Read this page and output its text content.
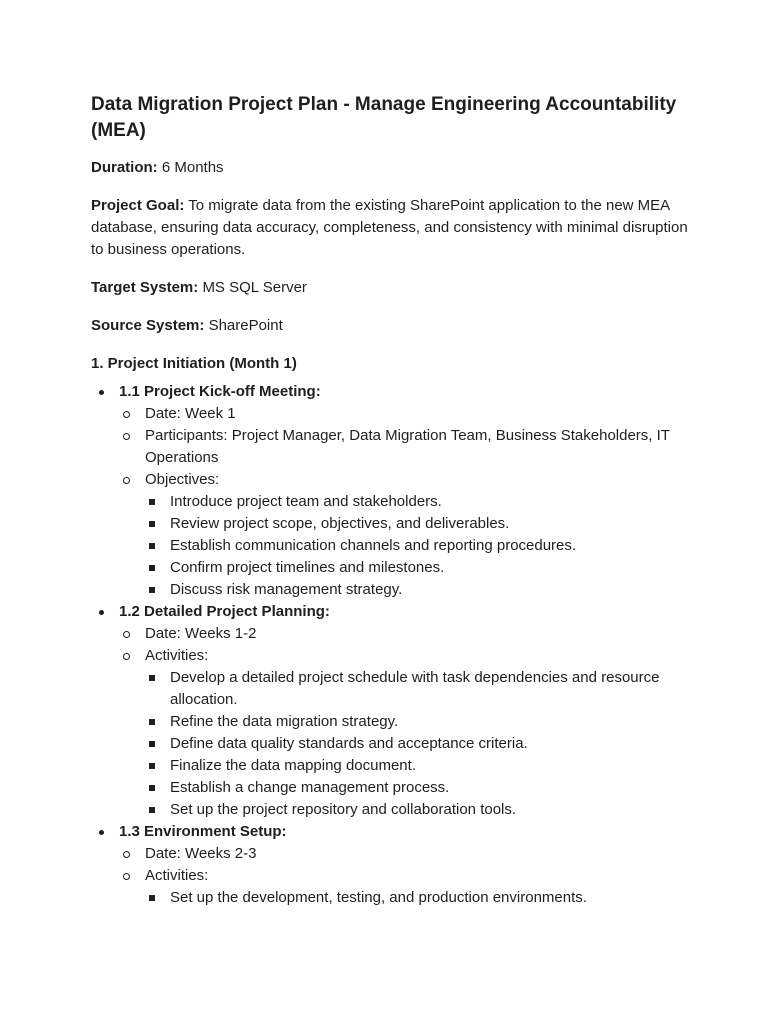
Data Migration Project Plan - Manage Engineering Accountability (MEA)
Duration: 6 Months
Project Goal: To migrate data from the existing SharePoint application to the new MEA database, ensuring data accuracy, completeness, and consistency with minimal disruption to business operations.
Target System: MS SQL Server
Source System: SharePoint
1. Project Initiation (Month 1)
1.1 Project Kick-off Meeting:
Date: Week 1
Participants: Project Manager, Data Migration Team, Business Stakeholders, IT Operations
Objectives:
Introduce project team and stakeholders.
Review project scope, objectives, and deliverables.
Establish communication channels and reporting procedures.
Confirm project timelines and milestones.
Discuss risk management strategy.
1.2 Detailed Project Planning:
Date: Weeks 1-2
Activities:
Develop a detailed project schedule with task dependencies and resource allocation.
Refine the data migration strategy.
Define data quality standards and acceptance criteria.
Finalize the data mapping document.
Establish a change management process.
Set up the project repository and collaboration tools.
1.3 Environment Setup:
Date: Weeks 2-3
Activities:
Set up the development, testing, and production environments.
